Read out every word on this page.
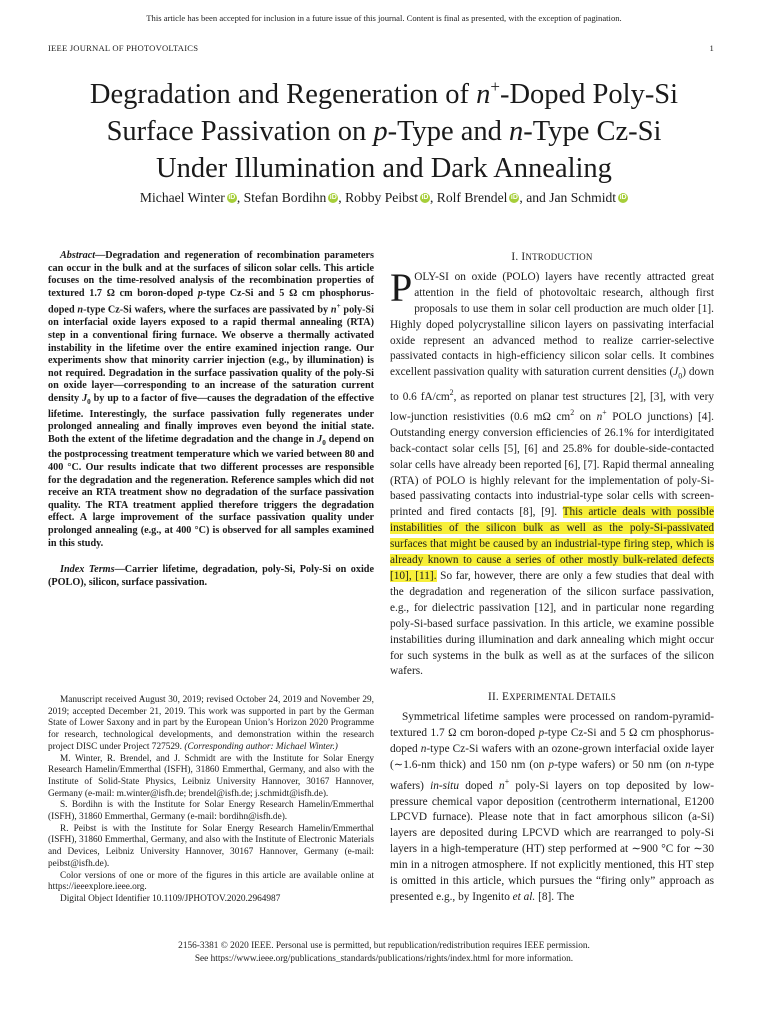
This article has been accepted for inclusion in a future issue of this journal. Content is final as presented, with the exception of pagination.
IEEE JOURNAL OF PHOTOVOLTAICS	1
Degradation and Regeneration of n+-Doped Poly-Si
Surface Passivation on p-Type and n-Type Cz-Si
Under Illumination and Dark Annealing
Michael Winter iD , Stefan Bordihn iD , Robby Peibst iD , Rolf Brendel iD , and Jan Schmidt iD

Abstract—Degradation and regeneration of recombination parameters can occur in the bulk and at the surfaces of silicon solar cells. This article focuses on the time-resolved analysis of the recombination properties of textured 1.7 Ω cm boron-doped p-type Cz-Si and 5 Ω cm phosphorus-doped n-type Cz-Si wafers, where the surfaces are passivated by n+ poly-Si on interfacial oxide layers exposed to a rapid thermal annealing (RTA) step in a conventional firing furnace. We observe a thermally activated instability in the lifetime over the entire examined injection range. Our experiments show that minority carrier injection (e.g., by illumination) is not required. Degradation in the surface passivation quality of the poly-Si on oxide layer—corresponding to an increase of the saturation current density $J_0$ by up to a factor of five—causes the degradation of the effective lifetime. Interestingly, the surface passivation fully regenerates under prolonged annealing and finally improves even beyond the initial state. Both the extent of the lifetime degradation and the change in $J_0$ depend on the postprocessing treatment temperature which we varied between 80 and 400 °C. Our results indicate that two different processes are responsible for the degradation and the regeneration. Reference samples which did not receive an RTA treatment show no degradation of the surface passivation quality. The RTA treatment applied therefore triggers the degradation effect. A large improvement of the surface passivation quality under prolonged annealing (e.g., at 400 °C) is observed for all samples examined in this study.

Index Terms—Carrier lifetime, degradation, poly-Si, Poly-Si on oxide (POLO), silicon, surface passivation.

Manuscript received August 30, 2019; revised October 24, 2019 and November 29, 2019; accepted December 21, 2019. This work was supported in part by the German State of Lower Saxony and in part by the European Union’s Horizon 2020 Programme for research, technological developments, and demonstration within the research project DISC under Project 727529. (Corresponding author: Michael Winter.)

M. Winter, R. Brendel, and J. Schmidt are with the Institute for Solar Energy Research Hamelin/Emmerthal (ISFH), 31860 Emmerthal, Germany, and also with the Institute of Solid-State Physics, Leibniz University Hannover, 30167 Hannover, Germany (e-mail: m.winter@isfh.de; brendel@isfh.de; j.schmidt@isfh.de).

S. Bordihn is with the Institute for Solar Energy Research Hamelin/Emmerthal (ISFH), 31860 Emmerthal, Germany (e-mail: bordihn@isfh.de).

R. Peibst is with the Institute for Solar Energy Research Hamelin/Emmerthal (ISFH), 31860 Emmerthal, Germany, and also with the Institute of Electronic Materials and Devices, Leibniz University Hannover, 30167 Hannover, Germany (e-mail: peibst@isfh.de).

Color versions of one or more of the figures in this article are available online at https://ieeexplore.ieee.org.

Digital Object Identifier 10.1109/JPHOTOV.2020.2964987

I. INTRODUCTION

POLY-SI on oxide (POLO) layers have recently attracted great attention in the field of photovoltaic research, although first proposals to use them in solar cell production are much older [1]. Highly doped polycrystalline silicon layers on passivating interfacial oxide represent an advanced method to realize carrier-selective passivated contacts in high-efficiency silicon solar cells. It combines excellent passivation quality with saturation current densities $(J_0)$ down to 0.6 $fA/cm^2$, as reported on planar test structures [2], [3], with very low-junction resistivities (0.6 mΩ $cm^2$ on n+ POLO junctions) [4]. Outstanding energy conversion efficiencies of 26.1% for interdigitated back-contact solar cells [5], [6] and 25.8% for double-side-contacted solar cells have already been reported [6], [7]. Rapid thermal annealing (RTA) of POLO is highly relevant for the implementation of poly-Si-based passivating contacts into industrial-type solar cells with screen-printed and fired contacts [8], [9]. This article deals with possible instabilities of the silicon bulk as well as the poly-Si-passivated surfaces that might be caused by an industrial-type firing step, which is already known to cause a series of other mostly bulk-related defects [10], [11]. So far, however, there are only a few studies that deal with the degradation and regeneration of the silicon surface passivation, e.g., for dielectric passivation [12], and in particular none regarding poly-Si-based surface passivation. In this article, we examine possible instabilities during illumination and dark annealing which might occur for such systems in the bulk as well as at the surfaces of the silicon wafers.

II. EXPERIMENTAL DETAILS

Symmetrical lifetime samples were processed on random-pyramid-textured 1.7 Ω cm boron-doped p-type Cz-Si and 5 Ω cm phosphorus-doped n-type Cz-Si wafers with an ozone-grown interfacial oxide layer (∼1.6-nm thick) and 150 nm (on p-type wafers) or 50 nm (on n-type wafers) in-situ doped n+ poly-Si layers on top deposited by low-pressure chemical vapor deposition (centrotherm international, E1200 LPCVD furnace). Please note that in fact amorphous silicon (a-Si) layers are deposited during LPCVD which are rearranged to poly-Si layers in a high-temperature (HT) step performed at ∼900 °C for ∼30 min in a nitrogen atmosphere. If not explicitly mentioned, this HT step is omitted in this article, which pursues the “firing only” approach as presented e.g., by Ingenito et al. [8]. The

2156-3381 © 2020 IEEE. Personal use is permitted, but republication/redistribution requires IEEE permission.
See https://www.ieee.org/publications_standards/publications/rights/index.html for more information.
